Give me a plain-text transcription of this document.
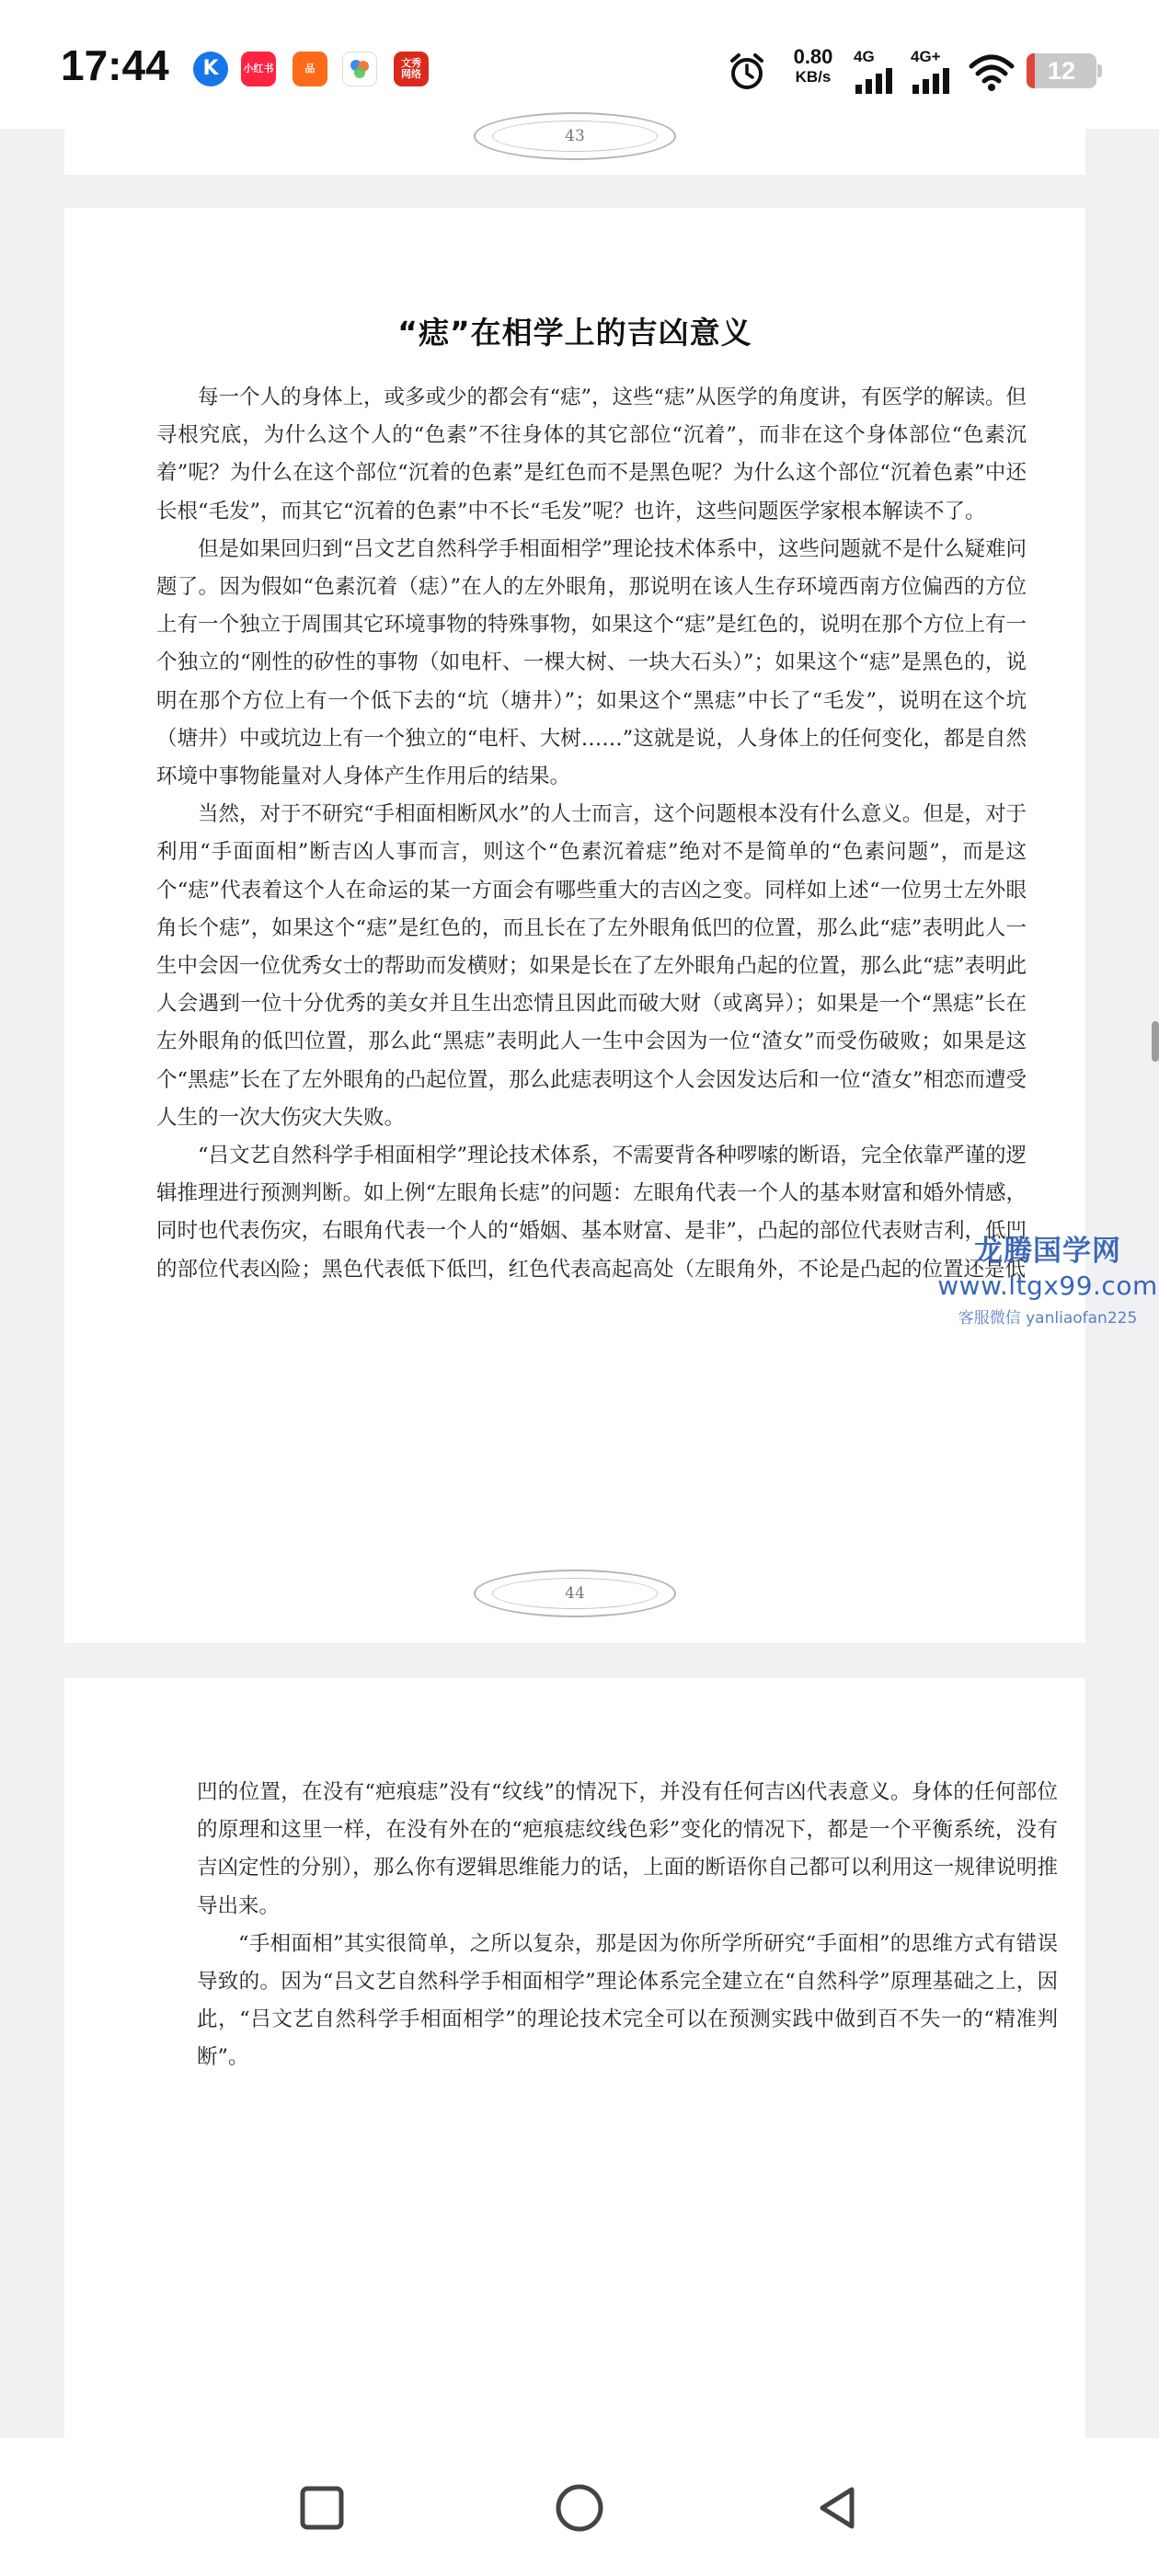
17:44	K	小红书	品	文秀
网络
0.80
KB/s
4G 4G+	12
43
“痣”在相学上的吉凶意义

每一个人的身体上，或多或少的都会有“痣”，这些“痣”从医学的角度讲，有医学的解读。但寻根究底，为什么这个人的“色素”不往身体的其它部位“沉着”，而非在这个身体部位“色素沉着”呢？为什么在这个部位“沉着的色素”是红色而不是黑色呢？为什么这个部位“沉着色素”中还长根“毛发”，而其它“沉着的色素”中不长“毛发”呢？也许，这些问题医学家根本解读不了。

但是如果回归到“吕文艺自然科学手相面相学”理论技术体系中，这些问题就不是什么疑难问题了。因为假如“色素沉着（痣）”在人的左外眼角，那说明在该人生存环境西南方位偏西的方位上有一个独立于周围其它环境事物的特殊事物，如果这个“痣”是红色的，说明在那个方位上有一个独立的“刚性的矽性的事物（如电杆、一棵大树、一块大石头）”；如果这个“痣”是黑色的，说明在那个方位上有一个低下去的“坑（塘井）”；如果这个“黑痣”中长了“毛发”，说明在这个坑（塘井）中或坑边上有一个独立的“电杆、大树……”这就是说，人身体上的任何变化，都是自然环境中事物能量对人身体产生作用后的结果。

当然，对于不研究“手相面相断风水”的人士而言，这个问题根本没有什么意义。但是，对于利用“手面面相”断吉凶人事而言，则这个“色素沉着痣”绝对不是简单的“色素问题”，而是这个“痣”代表着这个人在命运的某一方面会有哪些重大的吉凶之变。同样如上述“一位男士左外眼角长个痣”，如果这个“痣”是红色的，而且长在了左外眼角低凹的位置，那么此“痣”表明此人一生中会因一位优秀女士的帮助而发横财；如果是长在了左外眼角凸起的位置，那么此“痣”表明此人会遇到一位十分优秀的美女并且生出恋情且因此而破大财（或离异）；如果是一个“黑痣”长在左外眼角的低凹位置，那么此“黑痣”表明此人一生中会因为一位“渣女”而受伤破败；如果是这个“黑痣”长在了左外眼角的凸起位置，那么此痣表明这个人会因发达后和一位“渣女”相恋而遭受人生的一次大伤灾大失败。

“吕文艺自然科学手相面相学”理论技术体系，不需要背各种啰嗦的断语，完全依靠严谨的逻辑推理进行预测判断。如上例“左眼角长痣”的问题：左眼角代表一个人的基本财富和婚外情感，同时也代表伤灾，右眼角代表一个人的“婚姻、基本财富、是非”，凸起的部位代表财吉利，低凹的部位代表凶险；黑色代表低下低凹，红色代表高起高处（左眼角外，不论是凸起的位置还是低

44

凹的位置，在没有“疤痕痣”没有“纹线”的情况下，并没有任何吉凶代表意义。身体的任何部位的原理和这里一样，在没有外在的“疤痕痣纹线色彩”变化的情况下，都是一个平衡系统，没有吉凶定性的分别），那么你有逻辑思维能力的话，上面的断语你自己都可以利用这一规律说明推导出来。

“手相面相”其实很简单，之所以复杂，那是因为你所学所研究“手面相”的思维方式有错误导致的。因为“吕文艺自然科学手相面相学”理论体系完全建立在“自然科学”原理基础之上，因此，“吕文艺自然科学手相面相学”的理论技术完全可以在预测实践中做到百不失一的“精准判断”。

龙腾国学网
www.ltgx99.com
客服微信 yanliaofan225
